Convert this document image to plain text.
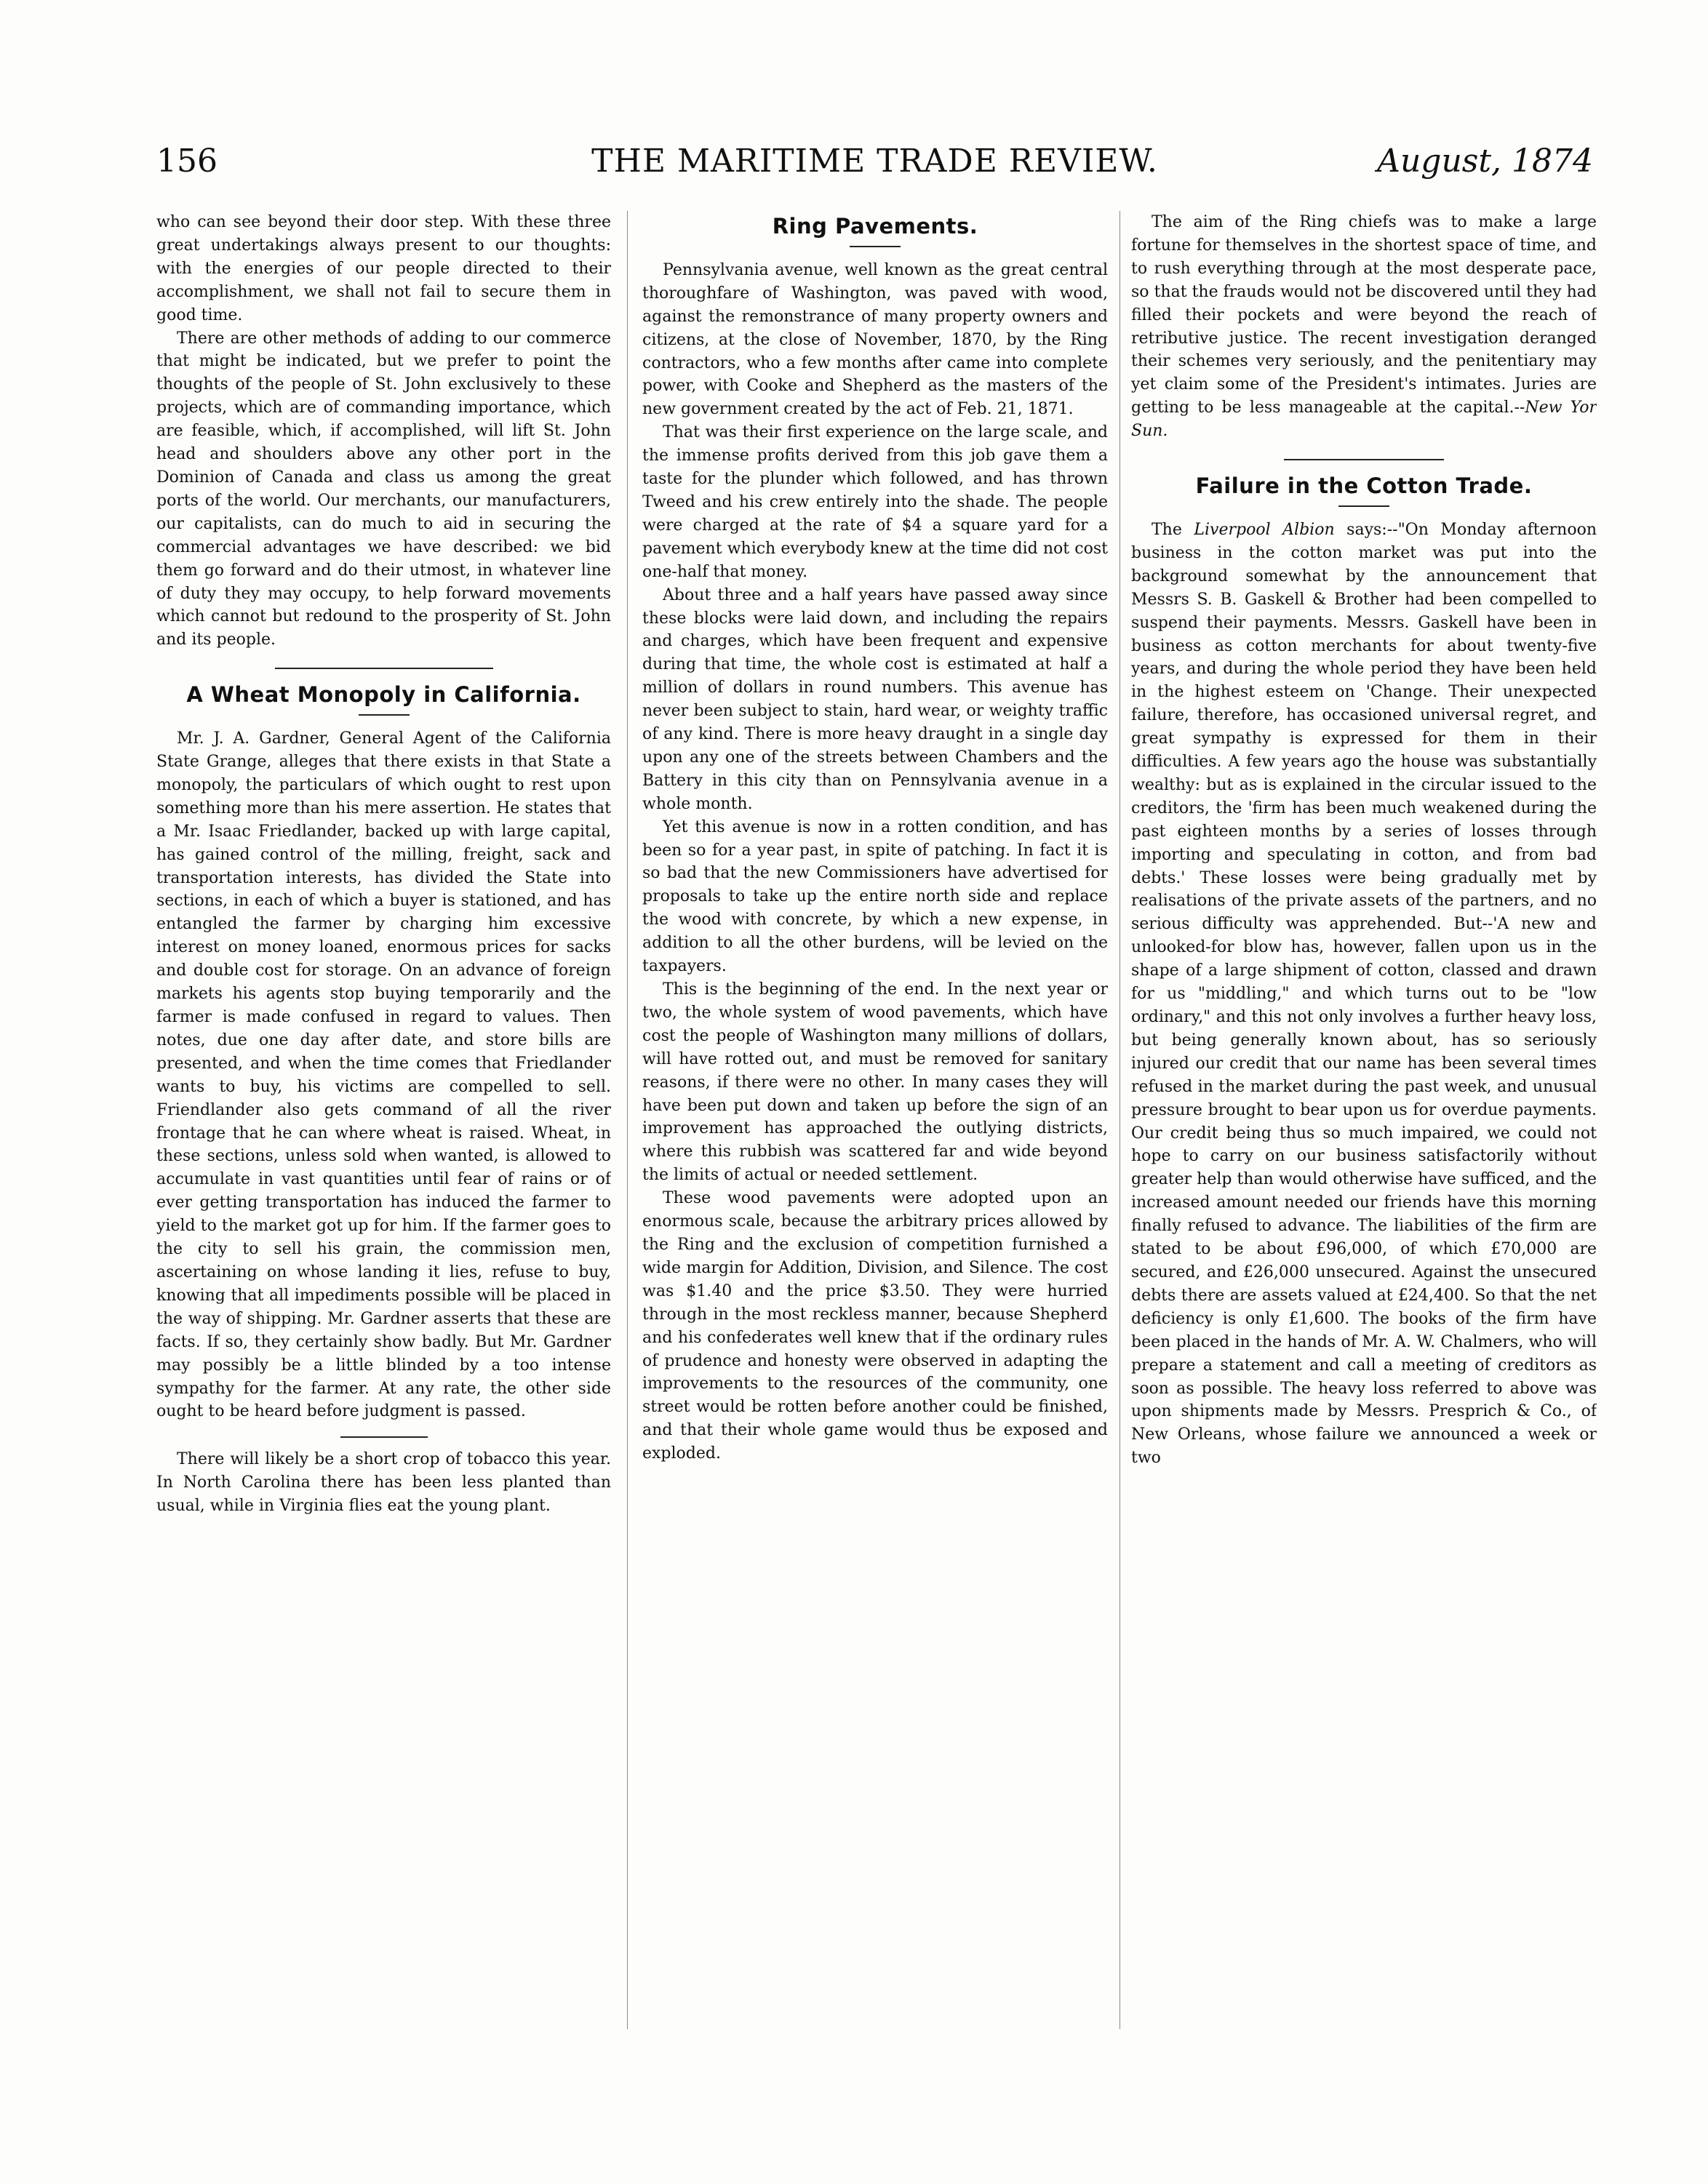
156	THE MARITIME TRADE REVIEW.	August, 1874

who can see beyond their door step. With these three great undertakings always present to our thoughts: with the energies of our people directed to their accomplishment, we shall not fail to secure them in good time.

There are other methods of adding to our commerce that might be indicated, but we prefer to point the thoughts of the people of St. John exclusively to these projects, which are of commanding importance, which are feasible, which, if accomplished, will lift St. John head and shoulders above any other port in the Dominion of Canada and class us among the great ports of the world. Our merchants, our manufacturers, our capitalists, can do much to aid in securing the commercial advantages we have described: we bid them go forward and do their utmost, in whatever line of duty they may occupy, to help forward movements which cannot but redound to the prosperity of St. John and its people.

A Wheat Monopoly in California.

Mr. J. A. Gardner, General Agent of the California State Grange, alleges that there exists in that State a monopoly, the particulars of which ought to rest upon something more than his mere assertion. He states that a Mr. Isaac Friedlander, backed up with large capital, has gained control of the milling, freight, sack and transportation interests, has divided the State into sections, in each of which a buyer is stationed, and has entangled the farmer by charging him excessive interest on money loaned, enormous prices for sacks and double cost for storage. On an advance of foreign markets his agents stop buying temporarily and the farmer is made confused in regard to values. Then notes, due one day after date, and store bills are presented, and when the time comes that Friedlander wants to buy, his victims are compelled to sell. Friendlander also gets command of all the river frontage that he can where wheat is raised. Wheat, in these sections, unless sold when wanted, is allowed to accumulate in vast quantities until fear of rains or of ever getting transportation has induced the farmer to yield to the market got up for him. If the farmer goes to the city to sell his grain, the commission men, ascertaining on whose landing it lies, refuse to buy, knowing that all impediments possible will be placed in the way of shipping. Mr. Gardner asserts that these are facts. If so, they certainly show badly. But Mr. Gardner may possibly be a little blinded by a too intense sympathy for the farmer. At any rate, the other side ought to be heard before judgment is passed.

There will likely be a short crop of tobacco this year. In North Carolina there has been less planted than usual, while in Virginia flies eat the young plant.

Ring Pavements.

Pennsylvania avenue, well known as the great central thoroughfare of Washington, was paved with wood, against the remonstrance of many property owners and citizens, at the close of November, 1870, by the Ring contractors, who a few months after came into complete power, with Cooke and Shepherd as the masters of the new government created by the act of Feb. 21, 1871.

That was their first experience on the large scale, and the immense profits derived from this job gave them a taste for the plunder which followed, and has thrown Tweed and his crew entirely into the shade. The people were charged at the rate of $4 a square yard for a pavement which everybody knew at the time did not cost one-half that money.

About three and a half years have passed away since these blocks were laid down, and including the repairs and charges, which have been frequent and expensive during that time, the whole cost is estimated at half a million of dollars in round numbers. This avenue has never been subject to stain, hard wear, or weighty traffic of any kind. There is more heavy draught in a single day upon any one of the streets between Chambers and the Battery in this city than on Pennsylvania avenue in a whole month.

Yet this avenue is now in a rotten condition, and has been so for a year past, in spite of patching. In fact it is so bad that the new Commissioners have advertised for proposals to take up the entire north side and replace the wood with concrete, by which a new expense, in addition to all the other burdens, will be levied on the taxpayers.

This is the beginning of the end. In the next year or two, the whole system of wood pavements, which have cost the people of Washington many millions of dollars, will have rotted out, and must be removed for sanitary reasons, if there were no other. In many cases they will have been put down and taken up before the sign of an improvement has approached the outlying districts, where this rubbish was scattered far and wide beyond the limits of actual or needed settlement.

These wood pavements were adopted upon an enormous scale, because the arbitrary prices allowed by the Ring and the exclusion of competition furnished a wide margin for Addition, Division, and Silence. The cost was $1.40 and the price $3.50. They were hurried through in the most reckless manner, because Shepherd and his confederates well knew that if the ordinary rules of prudence and honesty were observed in adapting the improvements to the resources of the community, one street would be rotten before another could be finished, and that their whole game would thus be exposed and exploded.

The aim of the Ring chiefs was to make a large fortune for themselves in the shortest space of time, and to rush everything through at the most desperate pace, so that the frauds would not be discovered until they had filled their pockets and were beyond the reach of retributive justice. The recent investigation deranged their schemes very seriously, and the penitentiary may yet claim some of the President's intimates. Juries are getting to be less manageable at the capital.--New Yor Sun.

Failure in the Cotton Trade.

The Liverpool Albion says:--"On Monday afternoon business in the cotton market was put into the background somewhat by the announcement that Messrs S. B. Gaskell & Brother had been compelled to suspend their payments. Messrs. Gaskell have been in business as cotton merchants for about twenty-five years, and during the whole period they have been held in the highest esteem on 'Change. Their unexpected failure, therefore, has occasioned universal regret, and great sympathy is expressed for them in their difficulties. A few years ago the house was substantially wealthy: but as is explained in the circular issued to the creditors, the 'firm has been much weakened during the past eighteen months by a series of losses through importing and speculating in cotton, and from bad debts.' These losses were being gradually met by realisations of the private assets of the partners, and no serious difficulty was apprehended. But--'A new and unlooked-for blow has, however, fallen upon us in the shape of a large shipment of cotton, classed and drawn for us "middling," and which turns out to be "low ordinary," and this not only involves a further heavy loss, but being generally known about, has so seriously injured our credit that our name has been several times refused in the market during the past week, and unusual pressure brought to bear upon us for overdue payments. Our credit being thus so much impaired, we could not hope to carry on our business satisfactorily without greater help than would otherwise have sufficed, and the increased amount needed our friends have this morning finally refused to advance. The liabilities of the firm are stated to be about £96,000, of which £70,000 are secured, and £26,000 unsecured. Against the unsecured debts there are assets valued at £24,400. So that the net deficiency is only £1,600. The books of the firm have been placed in the hands of Mr. A. W. Chalmers, who will prepare a statement and call a meeting of creditors as soon as possible. The heavy loss referred to above was upon shipments made by Messrs. Presprich & Co., of New Orleans, whose failure we announced a week or two
